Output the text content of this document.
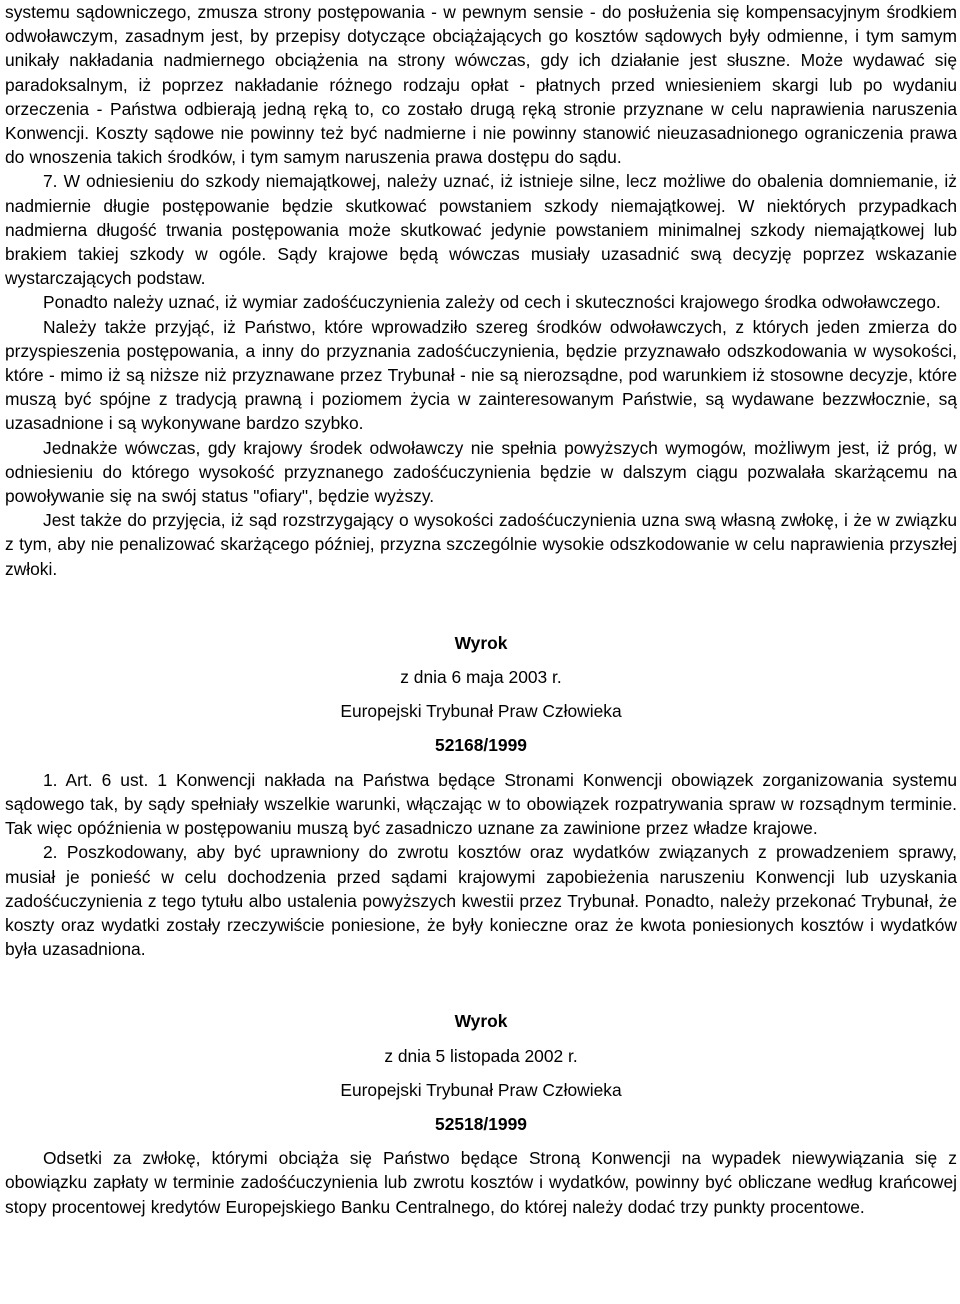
systemu sądowniczego, zmusza strony postępowania - w pewnym sensie - do posłużenia się kompensacyjnym środkiem odwoławczym, zasadnym jest, by przepisy dotyczące obciążających go kosztów sądowych były odmienne, i tym samym unikały nakładania nadmiernego obciążenia na strony wówczas, gdy ich działanie jest słuszne. Może wydawać się paradoksalnym, iż poprzez nakładanie różnego rodzaju opłat - płatnych przed wniesieniem skargi lub po wydaniu orzeczenia - Państwa odbierają jedną ręką to, co zostało drugą ręką stronie przyznane w celu naprawienia naruszenia Konwencji. Koszty sądowe nie powinny też być nadmierne i nie powinny stanowić nieuzasadnionego ograniczenia prawa do wnoszenia takich środków, i tym samym naruszenia prawa dostępu do sądu.

7. W odniesieniu do szkody niemajątkowej, należy uznać, iż istnieje silne, lecz możliwe do obalenia domniemanie, iż nadmiernie długie postępowanie będzie skutkować powstaniem szkody niemajątkowej. W niektórych przypadkach nadmierna długość trwania postępowania może skutkować jedynie powstaniem minimalnej szkody niemajątkowej lub brakiem takiej szkody w ogóle. Sądy krajowe będą wówczas musiały uzasadnić swą decyzję poprzez wskazanie wystarczających podstaw.

Ponadto należy uznać, iż wymiar zadośćuczynienia zależy od cech i skuteczności krajowego środka odwoławczego.

Należy także przyjąć, iż Państwo, które wprowadziło szereg środków odwoławczych, z których jeden zmierza do przyspieszenia postępowania, a inny do przyznania zadośćuczynienia, będzie przyznawało odszkodowania w wysokości, które - mimo iż są niższe niż przyznawane przez Trybunał - nie są nierozsądne, pod warunkiem iż stosowne decyzje, które muszą być spójne z tradycją prawną i poziomem życia w zainteresowanym Państwie, są wydawane bezzwłocznie, są uzasadnione i są wykonywane bardzo szybko.

Jednakże wówczas, gdy krajowy środek odwoławczy nie spełnia powyższych wymogów, możliwym jest, iż próg, w odniesieniu do którego wysokość przyznanego zadośćuczynienia będzie w dalszym ciągu pozwalała skarżącemu na powoływanie się na swój status "ofiary", będzie wyższy.

Jest także do przyjęcia, iż sąd rozstrzygający o wysokości zadośćuczynienia uzna swą własną zwłokę, i że w związku z tym, aby nie penalizować skarżącego później, przyzna szczególnie wysokie odszkodowanie w celu naprawienia przyszłej zwłoki.

Wyrok

z dnia 6 maja 2003 r.

Europejski Trybunał Praw Człowieka

52168/1999

1. Art. 6 ust. 1 Konwencji nakłada na Państwa będące Stronami Konwencji obowiązek zorganizowania systemu sądowego tak, by sądy spełniały wszelkie warunki, włączając w to obowiązek rozpatrywania spraw w rozsądnym terminie. Tak więc opóźnienia w postępowaniu muszą być zasadniczo uznane za zawinione przez władze krajowe.

2. Poszkodowany, aby być uprawniony do zwrotu kosztów oraz wydatków związanych z prowadzeniem sprawy, musiał je ponieść w celu dochodzenia przed sądami krajowymi zapobieżenia naruszeniu Konwencji lub uzyskania zadośćuczynienia z tego tytułu albo ustalenia powyższych kwestii przez Trybunał. Ponadto, należy przekonać Trybunał, że koszty oraz wydatki zostały rzeczywiście poniesione, że były konieczne oraz że kwota poniesionych kosztów i wydatków była uzasadniona.

Wyrok

z dnia 5 listopada 2002 r.

Europejski Trybunał Praw Człowieka

52518/1999

Odsetki za zwłokę, którymi obciąża się Państwo będące Stroną Konwencji na wypadek niewywiązania się z obowiązku zapłaty w terminie zadośćuczynienia lub zwrotu kosztów i wydatków, powinny być obliczane według krańcowej stopy procentowej kredytów Europejskiego Banku Centralnego, do której należy dodać trzy punkty procentowe.
